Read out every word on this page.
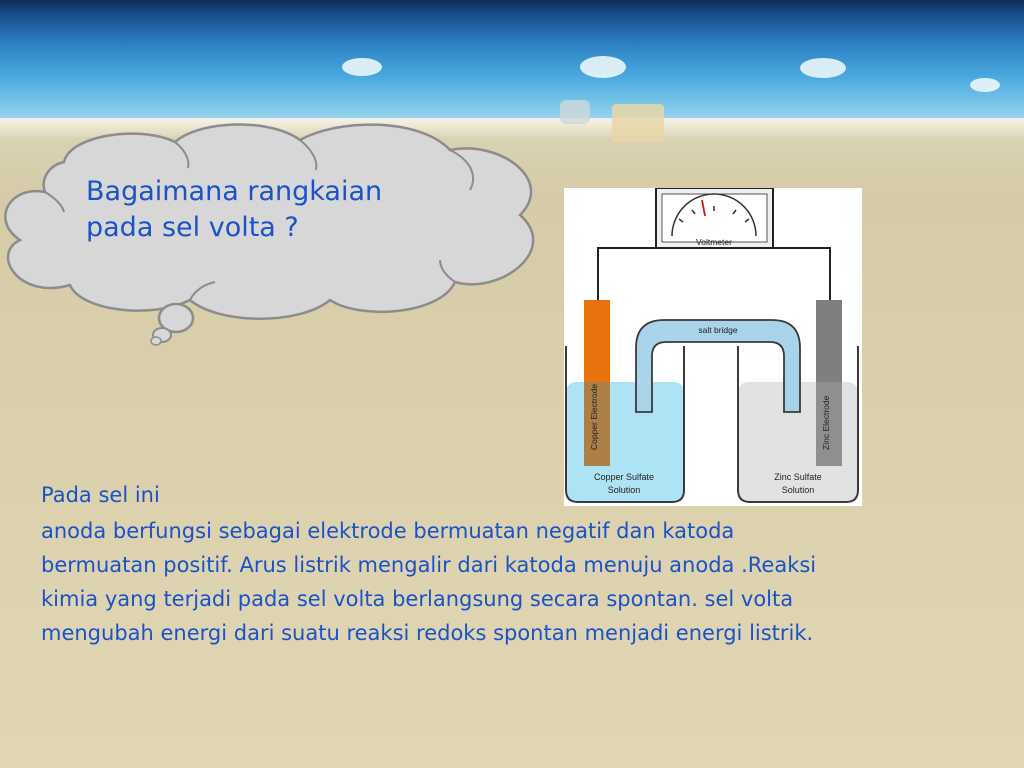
Bagaimana rangkaian
pada sel volta ?	Voltmeter
salt bridge
Copper Electrode	Zinc Electrode
Copper Sulfate
Solution
Zinc Sulfate
Solution

Pada sel ini

anoda berfungsi sebagai elektrode bermuatan negatif dan katoda bermuatan positif. Arus listrik mengalir dari katoda menuju anoda .Reaksi kimia yang terjadi pada sel volta berlangsung secara spontan. sel volta mengubah energi dari suatu reaksi redoks spontan menjadi energi listrik.
